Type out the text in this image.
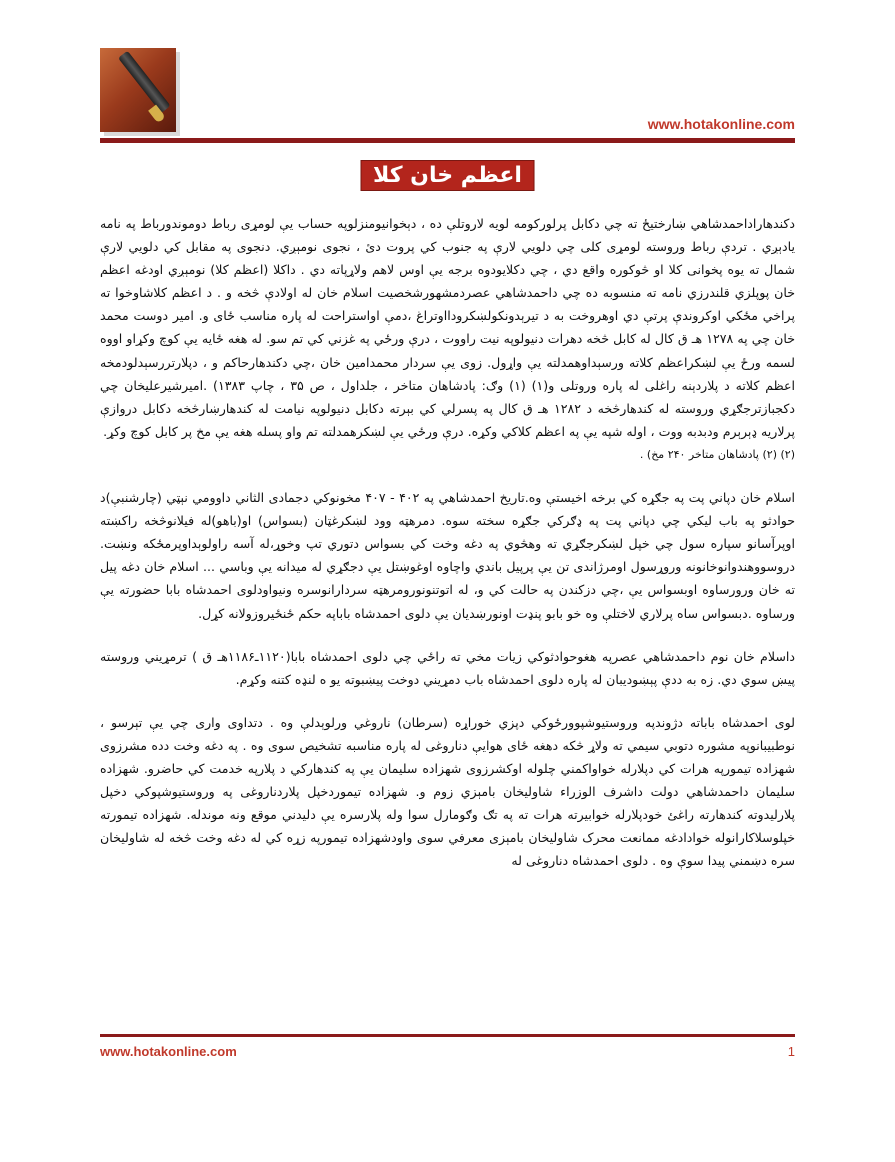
www.hotakonline.com
اعظم خان کلا

دکندهاراداحمدشاهي ښارختيځ ته چي دکابل پرلورکومه لويه لاروتلې ده ، دېخوانيومنزلوپه حساب يې لومړی رباط دوموندورباط په نامه يادېږي . تردې رباط وروسته لومړی کلی چي دلويي لارې په جنوب کي پروت دئ ، نجوی نومېږي. دنجوی په مقابل کي دلويي لارې شمال ته يوه پخوانی کلا او څوکوره واقع دي ، چي دکلايودوه برجه يې اوس لاهم ولاړپاته دي . داکلا (اعظم کلا) نومېږي اودغه اعظم خان پوپلزي قلندرزي نامه ته منسوبه ده چي داحمدشاهي عصردمشهورشخصيت اسلام خان له اولادې څخه و . د اعظم کلاشاوخوا ته پراخي مځکي اوکروندې پرتې دي اوهروخت به د تيرېدونکولښکرودااوتراغ ،دمې اواستراحت له پاره مناسب ځای و. امير دوست محمد خان چي په ۱۲۷۸ هـ ق کال له کابل څخه دهرات دنيولوپه نيت راووت ، درې ورځي په غزني کي تم سو. له هغه ځايه يې کوچ وکړاو اووه لسمه ورځ يې لښکراعظم کلاته ورسېداوهمدلته يې واړول. زوی يې سردار محمدامين خان ،چي دکندهارحاکم و ، دپلارتررسېدلودمخه اعظم کلاته د پلاردېنه راغلی له پاره وروتلی و(۱) (۱) وګ: پادشاهان متاخر ، جلداول ، ص ۳۵ ، چاپ ۱۳۸۳) .اميرشيرعليخان چي دکجبازترجګړي وروسته له کندهارڅخه د ۱۲۸۲ هـ ق کال په پسرلي کي بېرته دکابل دنيولوپه نيامت له کندهارښارڅخه دکابل دروازې پرلاريه ډېرېرم ودبدبه ووت ، اوله شپه يې په اعظم کلاکي وکړه. درې ورځي يې لښکرهمدلته تم واو پسله هغه يې مخ پر کابل کوچ وکړ.

(۲) (۲) پادشاهان متاخر ۲۴۰ مخ) .

اسلام خان دپاني پت په جګړه کي برخه اخيستې وه.تاريخ احمدشاهي په ۴۰۲ - ۴۰۷ مخونوکي دجمادی الثاني داوومي نېټي (چارشنبې)د حوادثو په باب ليکي چي دپاني پت په ډګرکي جګړه سخته سوه. دمرهټه وود لښکرغټان (بسواس) او(باهو)له فيلانوڅخه راکښته اوپرآسانو سپاره سول چي خپل لښکرجګړي ته وهڅوي په دغه وخت کي بسواس دتوري تپ وخوړ،له آسه راولوېداوپرمځکه ونښت. دروسووهندوانوخانونه وروړسول اومرژاندی تن يې پرپيل باندي واچاوه اوغوښتل يې دجګړي له ميدانه يې وباسي ... اسلام خان دغه پيل ته خان ورورساوه اوبسواس يې ،چي دزکندن په حالت کي و، له اتوتنونورومرهټه سردارانوسره ونيواودلوی احمدشاه بابا حضورته يې ورساوه .دبسواس ساه پرلاري لاختلې وه خو بابو پنډت اونورښديان يې دلوی احمدشاه باباپه حکم ځنځيروزولانه کړل.

داسلام خان نوم داحمدشاهي عصرپه هغوحوادثوکي زيات مخي ته راځي چي دلوی احمدشاه بابا(۱۱۲۰ـ۱۱۸۶هـ ق ) ترمړيني وروسته پيښ سوي دي. زه به ددې پېښوديبان له پاره دلوی احمدشاه باب دمړيني دوخت پيښبوته يو ه لنډه کتنه وکړم.

لوی احمدشاه باباته دژوندپه وروستيوشپوورځوکي دپزي خوراړه (سرطان) ناروغي ورلوېدلې وه . دتداوی واری چي يې تېرسو ، نوطبيبانوپه مشوره دتوبي سيمي ته ولاړ څکه دهغه ځای هوايې دناروغی له پاره مناسبه تشخيص سوی وه . په دغه وخت دده مشرزوی شهزاده تيمورپه هرات کي دپلارله خواواکمني چلوله اوکشرزوی شهزاده سليمان يې په کندهارکي د پلارپه خدمت کي حاضرو. شهزاده سليمان داحمدشاهي دولت داشرف الوزراء شاوليخان بامېزي زوم و. شهزاده تيموردخپل پلاردناروغی په وروستيوشپوکي دخپل پلارليدوته کندهارته راغئ خودپلارله خوابيرته هرات ته په تګ وګومارل سوا وله پلارسره يې دليدني موقع ونه موندله. شهزاده تيمورته خپلوسلاکارانوله خوادادغه ممانعت محرک شاوليخان بامېزی معرفي سوی واودشهزاده تيمورپه زړه کي له دغه وخت څخه له شاوليخان سره دښمني پيدا سوې وه . دلوی احمدشاه دناروغی له

www.hotakonline.com	1
